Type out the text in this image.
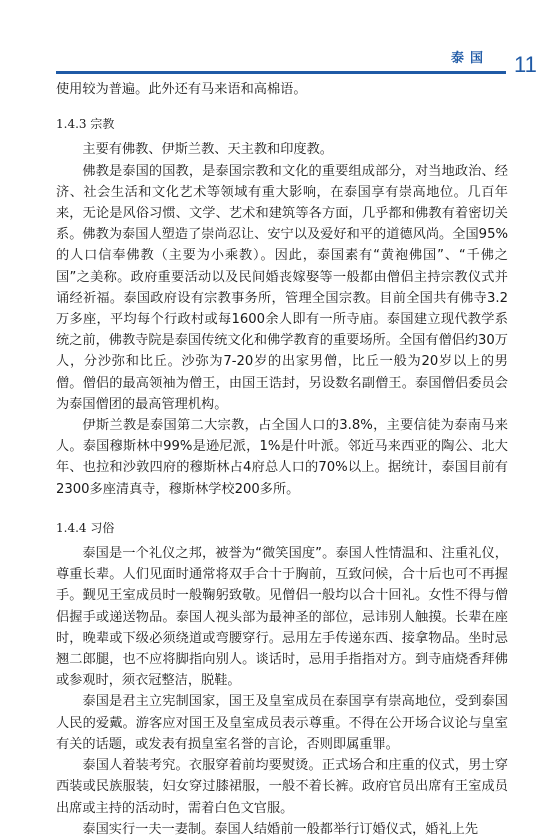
泰国 11

使用较为普遍。此外还有马来语和高棉语。

1.4.3 宗教

主要有佛教、伊斯兰教、天主教和印度教。

佛教是泰国的国教，是泰国宗教和文化的重要组成部分，对当地政治、经济、社会生活和文化艺术等领域有重大影响，在泰国享有崇高地位。几百年来，无论是风俗习惯、文学、艺术和建筑等各方面，几乎都和佛教有着密切关系。佛教为泰国人塑造了崇尚忍让、安宁以及爱好和平的道德风尚。全国95%的人口信奉佛教（主要为小乘教）。因此，泰国素有“黄袍佛国”、“千佛之国”之美称。政府重要活动以及民间婚丧嫁娶等一般都由僧侣主持宗教仪式并诵经祈福。泰国政府设有宗教事务所，管理全国宗教。目前全国共有佛寺3.2万多座，平均每个行政村或每1600余人即有一所寺庙。泰国建立现代教学系统之前，佛教寺院是泰国传统文化和佛学教育的重要场所。全国有僧侣约30万人，分沙弥和比丘。沙弥为7-20岁的出家男僧，比丘一般为20岁以上的男僧。僧侣的最高领袖为僧王，由国王诰封，另设数名副僧王。泰国僧侣委员会为泰国僧团的最高管理机构。

伊斯兰教是泰国第二大宗教，占全国人口的3.8%，主要信徒为泰南马来人。泰国穆斯林中99%是逊尼派，1%是什叶派。邻近马来西亚的陶公、北大年、也拉和沙敦四府的穆斯林占4府总人口的70%以上。据统计，泰国目前有2300多座清真寺，穆斯林学校200多所。

1.4.4 习俗

泰国是一个礼仪之邦，被誉为“微笑国度”。泰国人性情温和、注重礼仪，尊重长辈。人们见面时通常将双手合十于胸前，互致问候，合十后也可不再握手。觐见王室成员时一般鞠躬致敬。见僧侣一般均以合十回礼。女性不得与僧侣握手或递送物品。泰国人视头部为最神圣的部位，忌讳别人触摸。长辈在座时，晚辈或下级必须绕道或弯腰穿行。忌用左手传递东西、接拿物品。坐时忌翘二郎腿，也不应将脚指向别人。谈话时，忌用手指指对方。到寺庙烧香拜佛或参观时，须衣冠整洁，脱鞋。

泰国是君主立宪制国家，国王及皇室成员在泰国享有崇高地位，受到泰国人民的爱戴。游客应对国王及皇室成员表示尊重。不得在公开场合议论与皇室有关的话题，或发表有损皇室名誉的言论，否则即属重罪。

泰国人着装考究。衣服穿着前均要熨烫。正式场合和庄重的仪式，男士穿西装或民族服装，妇女穿过膝裙服，一般不着长裤。政府官员出席有王室成员出席或主持的活动时，需着白色文官服。

泰国实行一夫一妻制。泰国人结婚前一般都举行订婚仪式，婚礼上先
